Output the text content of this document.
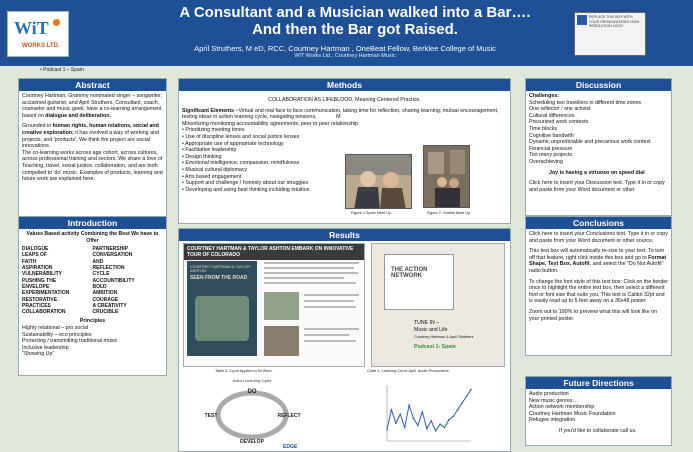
WiT
WORKS LTD.
A Consultant and a Musician walked into a Bar….
And then the Bar got Raised.
April Struthers, M eD, RCC, Courtney Hartman , OneBeat Fellow, Berklee College of Music
WiT Works Ltd.; Courtney Hartman Music
REPLACE THIS BOX WITH YOUR ORGANIZATION'S HIGH RESOLUTION LOGO
• Podcast 1 – Spain
Abstract

Courtney Hartman, Grammy nominated singer – songwriter, acclaimed guitarist; and April Struthers, Consultant, coach, counselor and music geek; have a co-learning arrangement based on dialogue and deliberation.

Grounded in human rights, human relations, social and creative exploration; it has evolved a way of working and projects, and 'products'. We think the project are social innovations.

The co-learning works across age cohort, across cultures, across professional training and sectors. We share a love of Teaching, travel, social justice, collaboration, and are both compelled to 'do' music. Examples of products, learning and future work are explained here.

Introduction

Values Based activity Combining the Best We have to Offer

DIALOGUE
LEAPS OF FAITH
ASPIRATION
VULNERABILITY
PUSHING THE ENVELOPE
EXPERIMENTATION
RESTORATIVE PRACTICES
COLLABORATION
PARTNERSHIP
CONVERSATION AND REFLECTION
CYCLE
ACCOUNTIBILITY
BOLD AMBITION
COURAGE
A CREATIVITY
CRUCIBLE

Principles

Highly relational – pro social
Sustainability – eco principles
Protecting / transmitting traditional music
Inclusive leadership
"Showing Up"
Methods

COLLABORATION AS LIFEBLOOD. Meaning Centered Practice.

Significant Elements –Virtual and real face to face communication, taking time for reflection, sharing learning, mutual encouragement, testing ideas in action learning cycle, navigating tensions,	M

Minoritizing monitoring accountability agreements, peer to peer relationship

• Prioritizing meeting times
• Use of discipline lenses and social justice lenses
• Appropriate use of appropriate technology
• Facilitative leadership
• Design thinking
• Emotional intelligence, compassion, mindfulness
• Musical cultural diplomacy
• Arts based engagement
• Support and challenge / honesty about our struggles
• Developing and using best thinking including intuition
Figure 1.Spain Meet Up.	Figure 2. Seattle Meet Up
Results
COURTNEY HARTMAN & TAYLOR ASHTON EMBARK ON INNOVATIVE TOUR OF COLORADO
COURTNEY HARTMAN & TAYLOR ASHTON
SEEN FROM THE ROAD
THE ACTION NETWORK
TUNE IN –
Music and Life
Courtney Hartman & April Struthers
Podcast 1- Spain
Table 1. Cycle Applied to All Work.
Action Learning Cycle
DO
REFLECT
DEVELOP
TEST
EDGE
Chart 1. Learning Curve April. Audio Productions.
Discussion

Challenges:

Scheduling two travellers in different time zones
One reflector / one activist
Cultural differences
Presurized work contexts
Time blocks
Cognitive bandwith
Dynamic unpredictable and precarious work context
Financial pressure
Too many projects
Overachieving

Joy is having a virtuoso on speed dial

Click here to insert your Discussion text. Type it in or copy and paste from your Word document or other

Conclusions

Click here to insert your Conclusions text. Type it in or copy and paste from your Word document or other source.

This text box will automatically re-size to your text. To turn off that feature, right click inside this box and go to Format Shape, Text Box, Autofit, and select the "Do Not Autofit" radio button.

To change the font style of this text box: Click on the border once to highlight the entire text box, then select a different font or font size that suits you. This text is Calibri 32pt and is easily read up to 5 feet away on a 36x48 poster.

Zoom out to 100% to preview what this will look like on your printed poster.

Future Directions
Audio production
New music genres…
Action network membership
Courtney Hartman Music Foundation
Refugee integration

If you'd like to collaborate call us.
